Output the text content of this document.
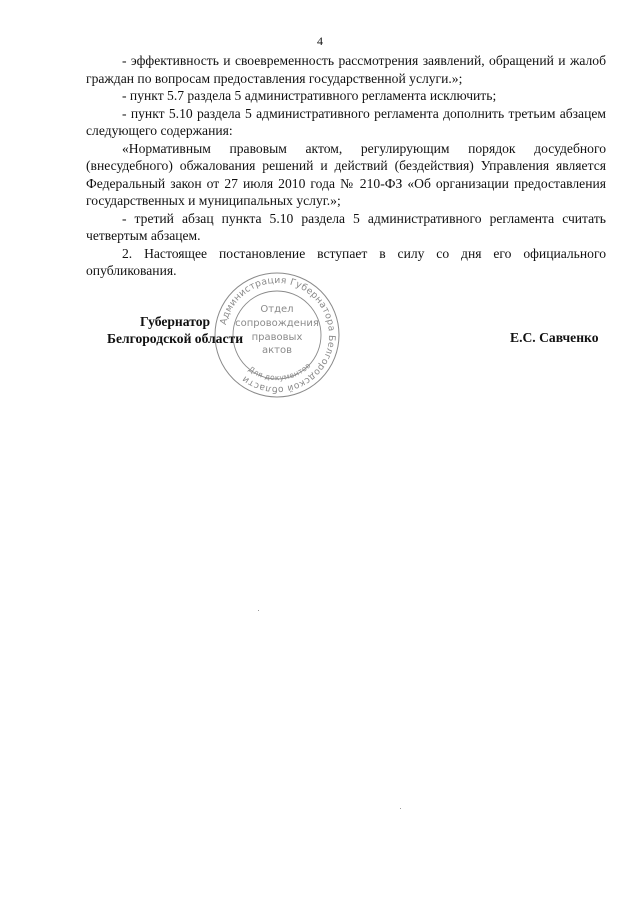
4

- эффективность и своевременность рассмотрения заявлений, обращений и жалоб граждан по вопросам предоставления государственной услуги.»;

- пункт 5.7 раздела 5 административного регламента исключить;

- пункт 5.10 раздела 5 административного регламента дополнить третьим абзацем следующего содержания:

«Нормативным правовым актом, регулирующим порядок досудебного (внесудебного) обжалования решений и действий (бездействия) Управления является Федеральный закон от 27 июля 2010 года № 210-ФЗ «Об организации предоставления государственных и муниципальных услуг.»;

- третий абзац пункта 5.10 раздела 5 административного регламента считать четвертым абзацем.

2. Настоящее постановление вступает в силу со дня его официального опубликования.

Администрация Губернатора Белгородской области
Для документов
Отдел
сопровождения
правовых
актов
Губернатор
Белгородской области	Е.С. Савченко
